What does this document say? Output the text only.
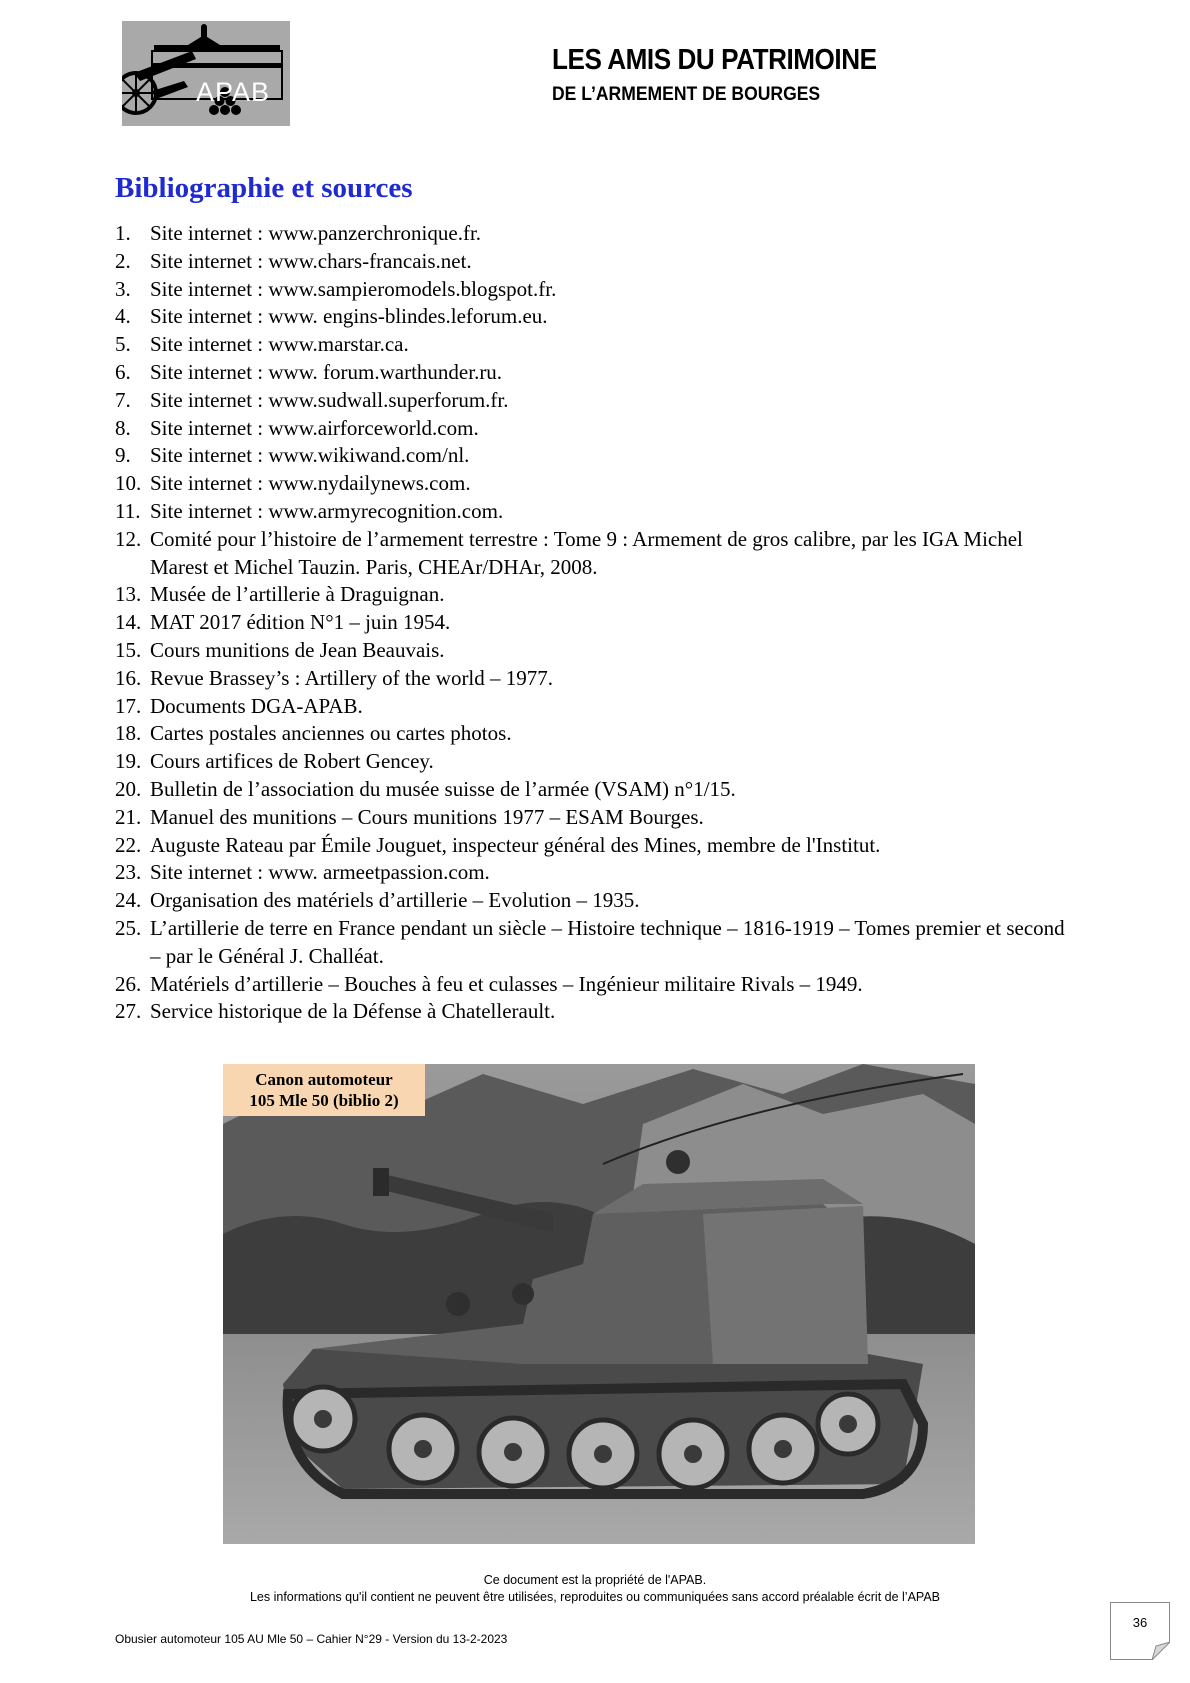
APAB
LES AMIS DU PATRIMOINE
DE L’ARMEMENT DE BOURGES
Bibliographie et sources
1. Site internet : www.panzerchronique.fr.
2. Site internet : www.chars-francais.net.
3. Site internet : www.sampieromodels.blogspot.fr.
4. Site internet : www. engins-blindes.leforum.eu.
5. Site internet : www.marstar.ca.
6. Site internet : www. forum.warthunder.ru.
7. Site internet : www.sudwall.superforum.fr.
8. Site internet : www.airforceworld.com.
9. Site internet : www.wikiwand.com/nl.
10. Site internet : www.nydailynews.com.
11. Site internet : www.armyrecognition.com.
12. Comité pour l’histoire de l’armement terrestre : Tome 9 : Armement de gros calibre, par les IGA Michel Marest et Michel Tauzin. Paris, CHEAr/DHAr, 2008.
13. Musée de l’artillerie à Draguignan.
14. MAT 2017 édition N°1 – juin 1954.
15. Cours munitions de Jean Beauvais.
16. Revue Brassey’s : Artillery of the world – 1977.
17. Documents DGA-APAB.
18. Cartes postales anciennes ou cartes photos.
19. Cours artifices de Robert Gencey.
20. Bulletin de l’association du musée suisse de l’armée (VSAM) n°1/15.
21. Manuel des munitions – Cours munitions 1977 – ESAM Bourges.
22. Auguste Rateau par Émile Jouguet, inspecteur général des Mines, membre de l'Institut.
23. Site internet : www. armeetpassion.com.
24. Organisation des matériels d’artillerie – Evolution – 1935.
25. L’artillerie de terre en France pendant un siècle – Histoire technique – 1816-1919 – Tomes premier et second – par le Général J. Challéat.
26. Matériels d’artillerie – Bouches à feu et culasses – Ingénieur militaire Rivals – 1949.
27. Service historique de la Défense à Chatellerault.
Canon automoteur
105 Mle 50 (biblio 2)
Ce document est la propriété de l'APAB.
Les informations qu'il contient ne peuvent être utilisées, reproduites ou communiquées sans accord préalable écrit de l’APAB
Obusier automoteur 105 AU Mle 50 – Cahier N°29 - Version du 13-2-2023
36
